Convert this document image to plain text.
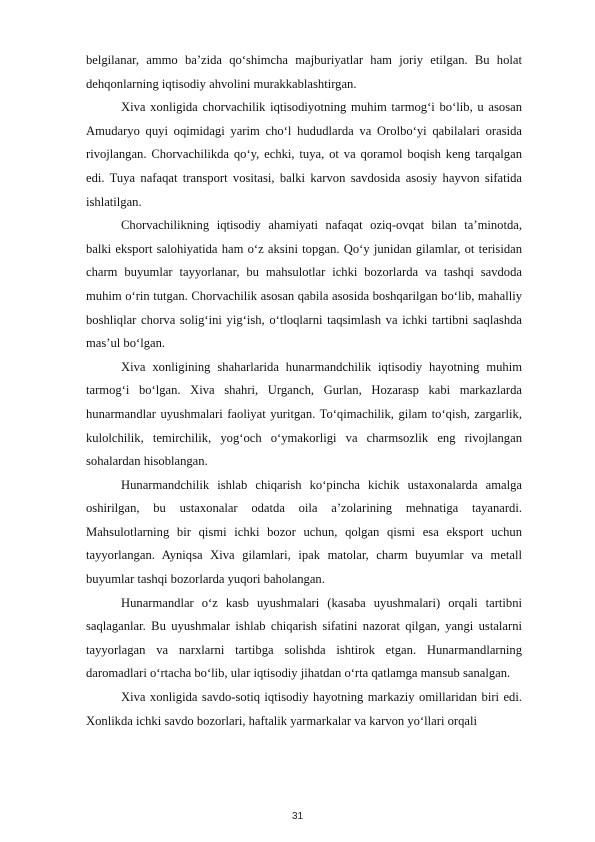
belgilanar, ammo ba’zida qo‘shimcha majburiyatlar ham joriy etilgan. Bu holat dehqonlarning iqtisodiy ahvolini murakkablashtirgan.

Xiva xonligida chorvachilik iqtisodiyotning muhim tarmog‘i bo‘lib, u asosan Amudaryo quyi oqimidagi yarim cho‘l hududlarda va Orolbo‘yi qabilalari orasida rivojlangan. Chorvachilikda qo‘y, echki, tuya, ot va qoramol boqish keng tarqalgan edi. Tuya nafaqat transport vositasi, balki karvon savdosida asosiy hayvon sifatida ishlatilgan.

Chorvachilikning iqtisodiy ahamiyati nafaqat oziq-ovqat bilan ta’minotda, balki eksport salohiyatida ham o‘z aksini topgan. Qo‘y junidan gilamlar, ot terisidan charm buyumlar tayyorlanar, bu mahsulotlar ichki bozorlarda va tashqi savdoda muhim o‘rin tutgan. Chorvachilik asosan qabila asosida boshqarilgan bo‘lib, mahalliy boshliqlar chorva solig‘ini yig‘ish, o‘tloqlarni taqsimlash va ichki tartibni saqlashda mas’ul bo‘lgan.

Xiva xonligining shaharlarida hunarmandchilik iqtisodiy hayotning muhim tarmog‘i bo‘lgan. Xiva shahri, Urganch, Gurlan, Hozarasp kabi markazlarda hunarmandlar uyushmalari faoliyat yuritgan. To‘qimachilik, gilam to‘qish, zargarlik, kulolchilik, temirchilik, yog‘och o‘ymakorligi va charmsozlik eng rivojlangan sohalardan hisoblangan.

Hunarmandchilik ishlab chiqarish ko‘pincha kichik ustaxonalarda amalga oshirilgan, bu ustaxonalar odatda oila a’zolarining mehnatiga tayanardi. Mahsulotlarning bir qismi ichki bozor uchun, qolgan qismi esa eksport uchun tayyorlangan. Ayniqsa Xiva gilamlari, ipak matolar, charm buyumlar va metall buyumlar tashqi bozorlarda yuqori baholangan.

Hunarmandlar o‘z kasb uyushmalari (kasaba uyushmalari) orqali tartibni saqlaganlar. Bu uyushmalar ishlab chiqarish sifatini nazorat qilgan, yangi ustalarni tayyorlagan va narxlarni tartibga solishda ishtirok etgan. Hunarmandlarning daromadlari o‘rtacha bo‘lib, ular iqtisodiy jihatdan o‘rta qatlamga mansub sanalgan.

Xiva xonligida savdo-sotiq iqtisodiy hayotning markaziy omillaridan biri edi. Xonlikda ichki savdo bozorlari, haftalik yarmarkalar va karvon yo‘llari orqali

31
